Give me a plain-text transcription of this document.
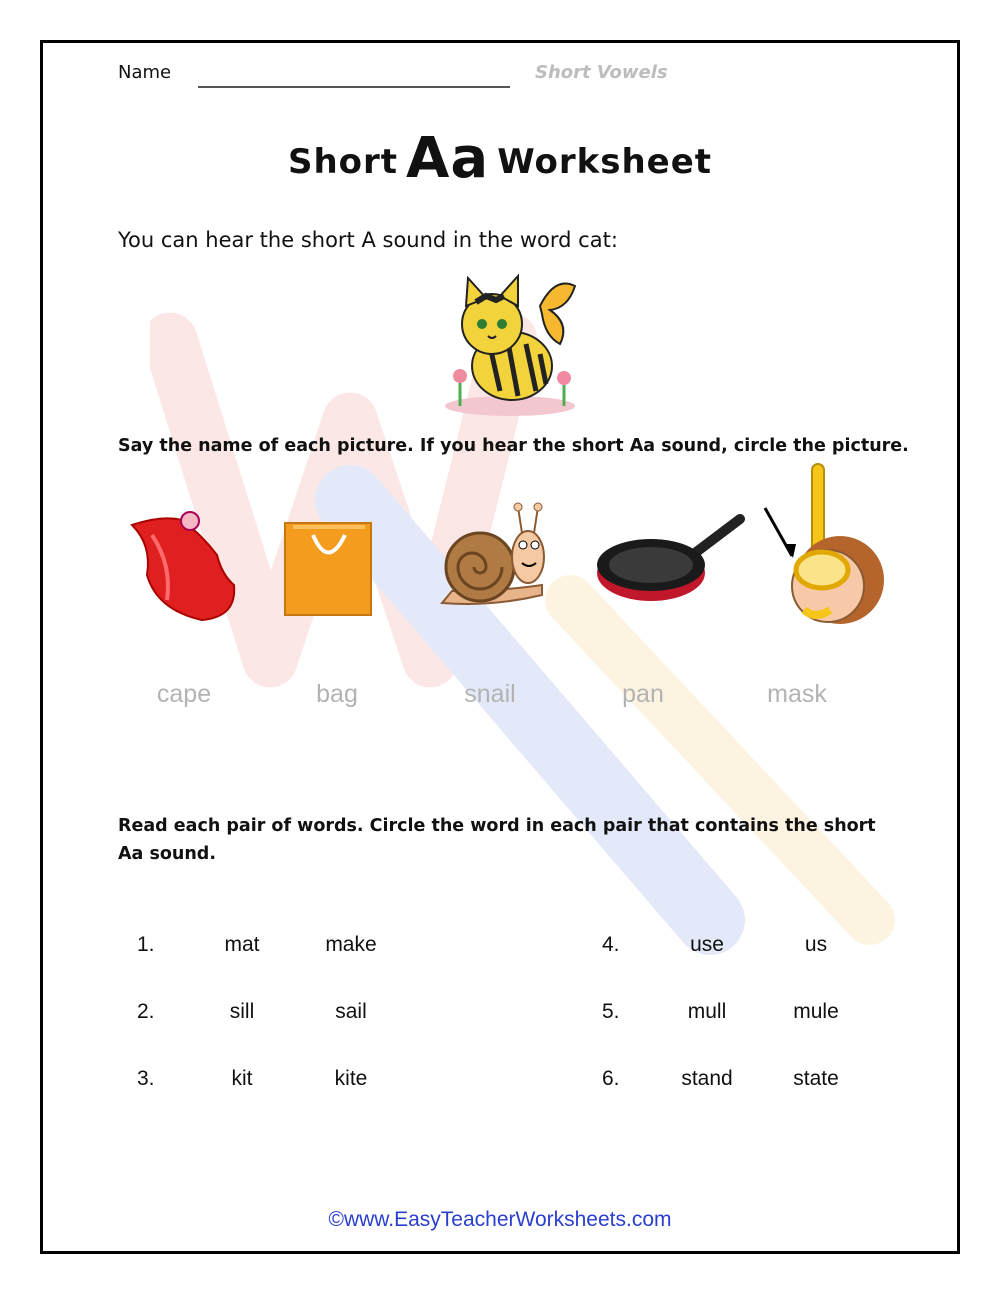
Name	Short Vowels
Short Aa Worksheet
You can hear the short A sound in the word cat:
Say the name of each picture. If you hear the short Aa sound, circle the picture.
cape	bag	snail	pan	mask
Read each pair of words. Circle the word in each pair that contains the short Aa sound.
1.	mat	make
2.	sill	sail
3.	kit	kite
4.	use	us
5.	mull	mule
6.	stand	state
©www.EasyTeacherWorksheets.com
